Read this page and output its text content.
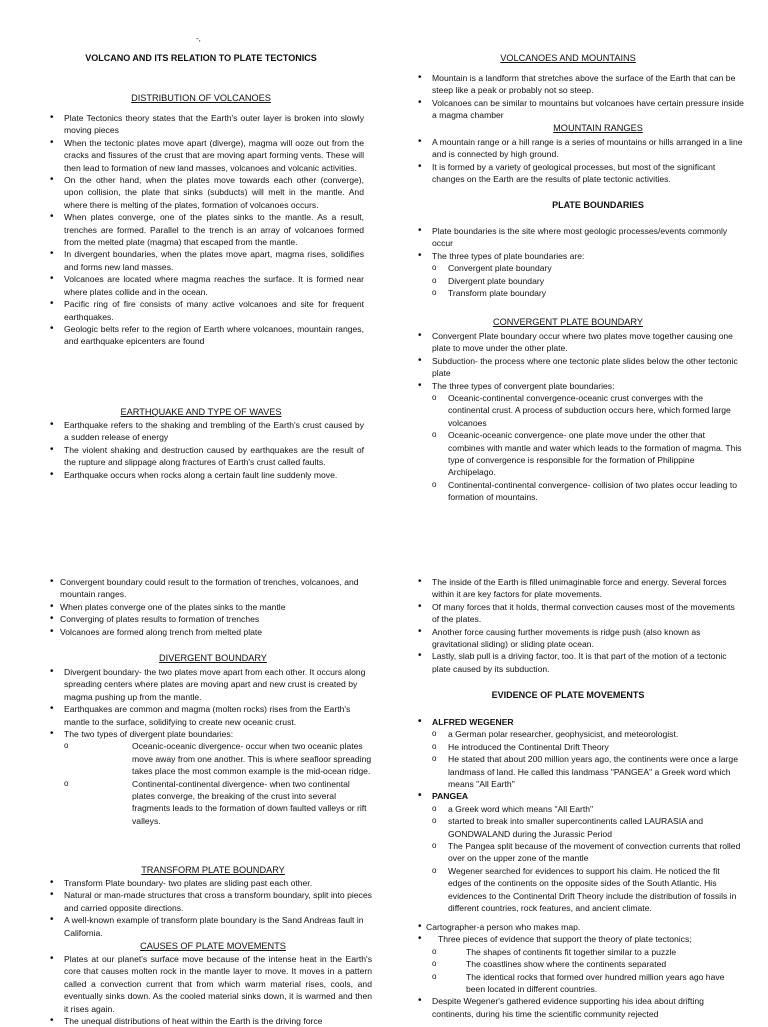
-,
VOLCANO AND ITS RELATION TO PLATE TECTONICS
DISTRIBUTION OF VOLCANOES
• Plate Tectonics theory states that the Earth's outer layer is broken into slowly moving pieces
• When the tectonic plates move apart (diverge), magma will ooze out from the cracks and fissures of the crust that are moving apart forming vents. These will then lead to formation of new land masses, volcanoes and volcanic activities.
• On the other hand, when the plates move towards each other (converge), upon collision, the plate that sinks (subducts) will melt in the mantle. And where there is melting of the plates, formation of volcanoes occurs.
• When plates converge, one of the plates sinks to the mantle. As a result, trenches are formed. Parallel to the trench is an array of volcanoes formed from the melted plate (magma) that escaped from the mantle.
• In divergent boundaries, when the plates move apart, magma rises, solidifies and forms new land masses.
• Volcanoes are located where magma reaches the surface. It is formed near where plates collide and in the ocean.
• Pacific ring of fire consists of many active volcanoes and site for frequent earthquakes.
• Geologic belts refer to the region of Earth where volcanoes, mountain ranges, and earthquake epicenters are found
EARTHQUAKE AND TYPE OF WAVES
• Earthquake refers to the shaking and trembling of the Earth's crust caused by a sudden release of energy
• The violent shaking and destruction caused by earthquakes are the result of the rupture and slippage along fractures of Earth's crust called faults.
• Earthquake occurs when rocks along a certain fault line suddenly move.
VOLCANOES AND MOUNTAINS
• Mountain is a landform that stretches above the surface of the Earth that can be steep like a peak or probably not so steep.
• Volcanoes can be similar to mountains but volcanoes have certain pressure inside a magma chamber
MOUNTAIN RANGES
• A mountain range or a hill range is a series of mountains or hills arranged in a line and is connected by high ground.
• It is formed by a variety of geological processes, but most of the significant changes on the Earth are the results of plate tectonic activities.
PLATE BOUNDARIES
• Plate boundaries is the site where most geologic processes/events commonly occur
• The three types of plate boundaries are:
o Convergent plate boundary
o Divergent plate boundary
o Transform plate boundary
CONVERGENT PLATE BOUNDARY
• Convergent Plate boundary occur where two plates move together causing one plate to move under the other plate.
• Subduction- the process where one tectonic plate slides below the other tectonic plate
• The three types of convergent plate boundaries:
o Oceanic-continental convergence-oceanic crust converges with the continental crust. A process of subduction occurs here, which formed large volcanoes
o Oceanic-oceanic convergence- one plate move under the other that combines with mantle and water which leads to the formation of magma. This type of convergence is responsible for the formation of Philippine Archipelago.
o Continental-continental convergence- collision of two plates occur leading to formation of mountains.
• Convergent boundary could result to the formation of trenches, volcanoes, and mountain ranges.
• When plates converge one of the plates sinks to the mantle
• Converging of plates results to formation of trenches
• Volcanoes are formed along trench from melted plate
DIVERGENT BOUNDARY
• Divergent boundary- the two plates move apart from each other. It occurs along spreading centers where plates are moving apart and new crust is created by magma pushing up from the mantle.
• Earthquakes are common and magma (molten rocks) rises from the Earth's mantle to the surface, solidifying to create new oceanic crust.
• The two types of divergent plate boundaries:
o Oceanic-oceanic divergence- occur when two oceanic plates move away from one another. This is where seafloor spreading takes place the most common example is the mid-ocean ridge.
o Continental-continental divergence- when two continental plates converge, the breaking of the crust into several fragments leads to the formation of down faulted valleys or rift valleys.
TRANSFORM PLATE BOUNDARY
• Transform Plate boundary- two plates are sliding past each other.
• Natural or man-made structures that cross a transform boundary, split into pieces and carried opposite directions.
• A well-known example of transform plate boundary is the Sand Andreas fault in California.
CAUSES OF PLATE MOVEMENTS
• Plates at our planet's surface move because of the intense heat in the Earth's core that causes molten rock in the mantle layer to move. It moves in a pattern called a convection current that from which warm material rises, cools, and eventually sinks down. As the cooled material sinks down, it is warmed and then it rises again.
• The unequal distributions of heat within the Earth is the driving force
• The inside of the Earth is filled unimaginable force and energy. Several forces within it are key factors for plate movements.
• Of many forces that it holds, thermal convection causes most of the movements of the plates.
• Another force causing further movements is ridge push (also known as gravitational sliding) or sliding plate ocean.
• Lastly, slab pull is a driving factor, too. It is that part of the motion of a tectonic plate caused by its subduction.
EVIDENCE OF PLATE MOVEMENTS
• ALFRED WEGENER
o a German polar researcher, geophysicist, and meteorologist.
o He introduced the Continental Drift Theory
o He stated that about 200 million years ago, the continents were once a large landmass of land. He called this landmass "PANGEA" a Greek word which means "All Earth"
• PANGEA
o a Greek word which means "All Earth"
o started to break into smaller supercontinents called LAURASIA and GONDWALAND during the Jurassic Period
o The Pangea split because of the movement of convection currents that rolled over on the upper zone of the mantle
o Wegener searched for evidences to support his claim. He noticed the fit edges of the continents on the opposite sides of the South Atlantic. His evidences to the Continental Drift Theory include the distribution of fossils in different countries, rock features, and ancient climate.
• Cartographer-a person who makes map.
• Three pieces of evidence that support the theory of plate tectonics;
o The shapes of continents fit together similar to a puzzle
o The coastlines show where the continents separated
o The identical rocks that formed over hundred million years ago have been located in different countries.
• Despite Wegener's gathered evidence supporting his idea about drifting continents, during his time the scientific community rejected
